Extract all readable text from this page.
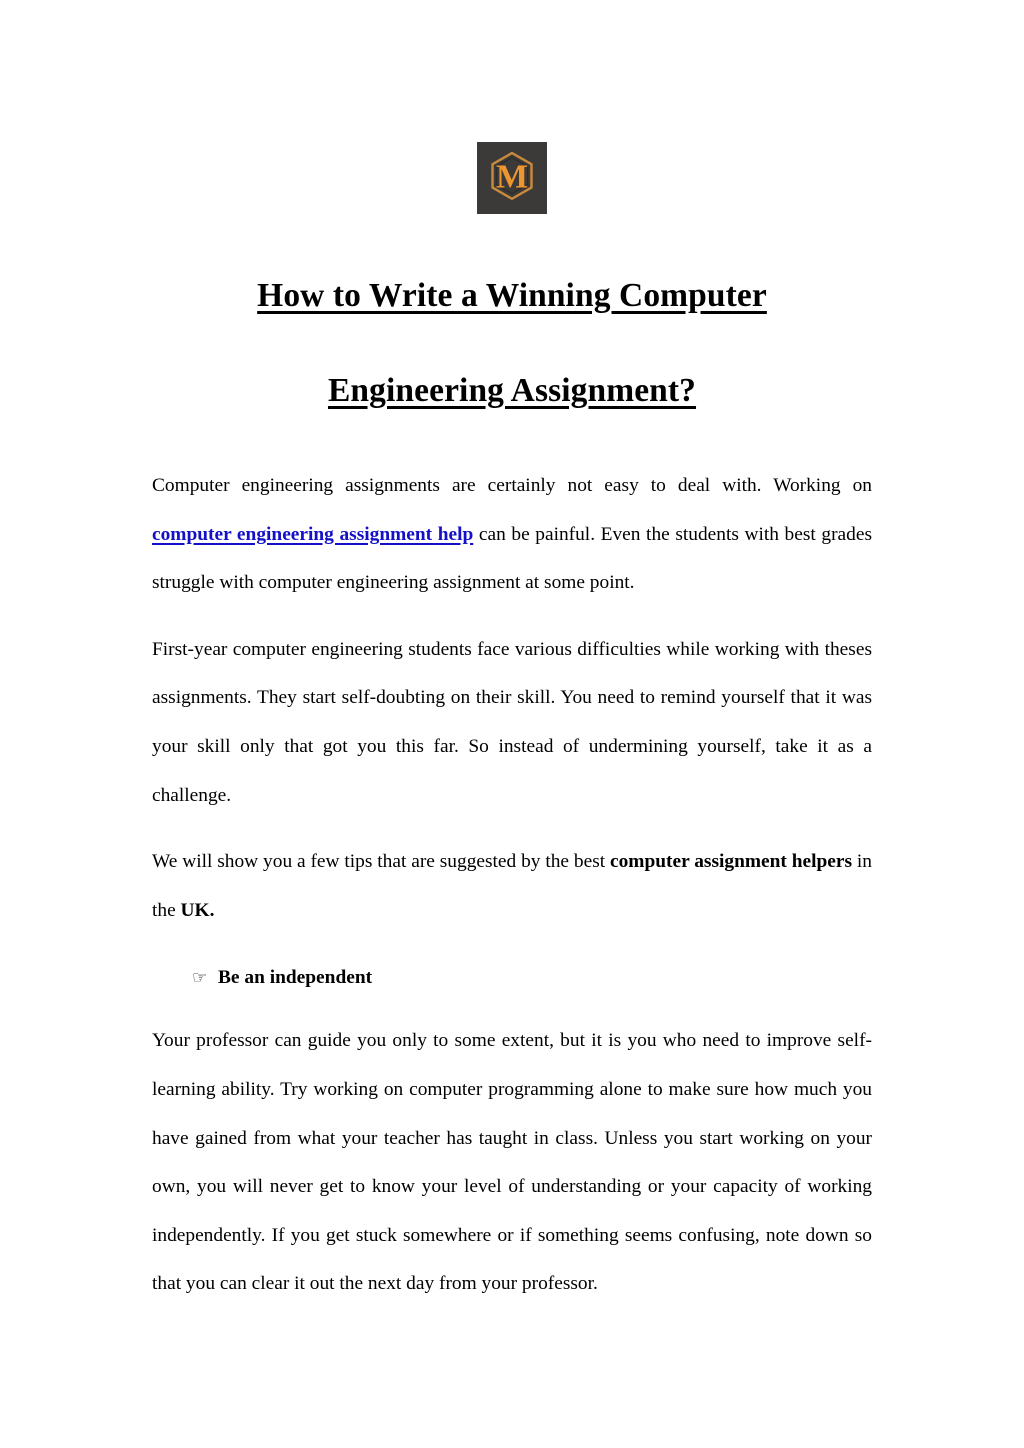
M
How to Write a Winning Computer
Engineering Assignment?

Computer engineering assignments are certainly not easy to deal with. Working on computer engineering assignment help can be painful. Even the students with best grades struggle with computer engineering assignment at some point.

First-year computer engineering students face various difficulties while working with theses assignments. They start self-doubting on their skill. You need to remind yourself that it was your skill only that got you this far. So instead of undermining yourself, take it as a challenge.

We will show you a few tips that are suggested by the best computer assignment helpers in the UK.

☞ Be an independent

Your professor can guide you only to some extent, but it is you who need to improve self-learning ability. Try working on computer programming alone to make sure how much you have gained from what your teacher has taught in class. Unless you start working on your own, you will never get to know your level of understanding or your capacity of working independently. If you get stuck somewhere or if something seems confusing, note down so that you can clear it out the next day from your professor.
